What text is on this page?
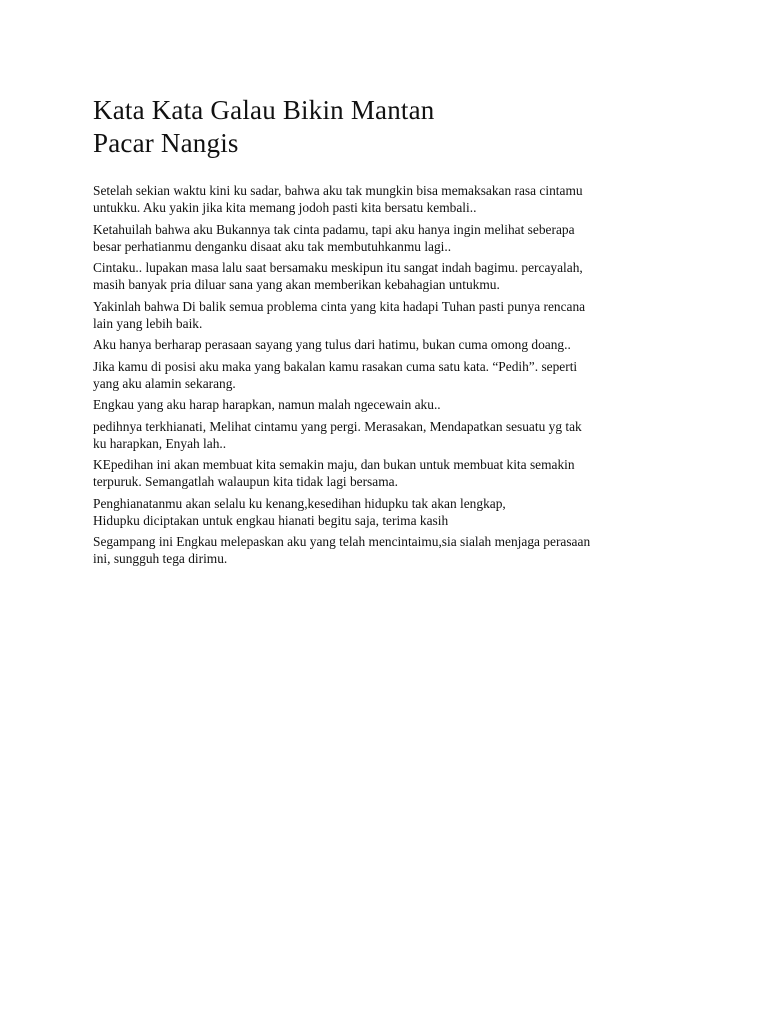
Kata Kata Galau Bikin Mantan
Pacar Nangis

Setelah sekian waktu kini ku sadar, bahwa aku tak mungkin bisa memaksakan rasa cintamu
untukku. Aku yakin jika kita memang jodoh pasti kita bersatu kembali..

Ketahuilah bahwa aku Bukannya tak cinta padamu, tapi aku hanya ingin melihat seberapa
besar perhatianmu denganku disaat aku tak membutuhkanmu lagi..

Cintaku.. lupakan masa lalu saat bersamaku meskipun itu sangat indah bagimu. percayalah,
masih banyak pria diluar sana yang akan memberikan kebahagian untukmu.

Yakinlah bahwa Di balik semua problema cinta yang kita hadapi Tuhan pasti punya rencana
lain yang lebih baik.

Aku hanya berharap perasaan sayang yang tulus dari hatimu, bukan cuma omong doang..

Jika kamu di posisi aku maka yang bakalan kamu rasakan cuma satu kata. “Pedih”. seperti
yang aku alamin sekarang.

Engkau yang aku harap harapkan, namun malah ngecewain aku..

pedihnya terkhianati, Melihat cintamu yang pergi. Merasakan, Mendapatkan sesuatu yg tak
ku harapkan, Enyah lah..

KEpedihan ini akan membuat kita semakin maju, dan bukan untuk membuat kita semakin
terpuruk. Semangatlah walaupun kita tidak lagi bersama.

Penghianatanmu akan selalu ku kenang,kesedihan hidupku tak akan lengkap,
Hidupku diciptakan untuk engkau hianati begitu saja, terima kasih

Segampang ini Engkau melepaskan aku yang telah mencintaimu,sia sialah menjaga perasaan
ini, sungguh tega dirimu.
